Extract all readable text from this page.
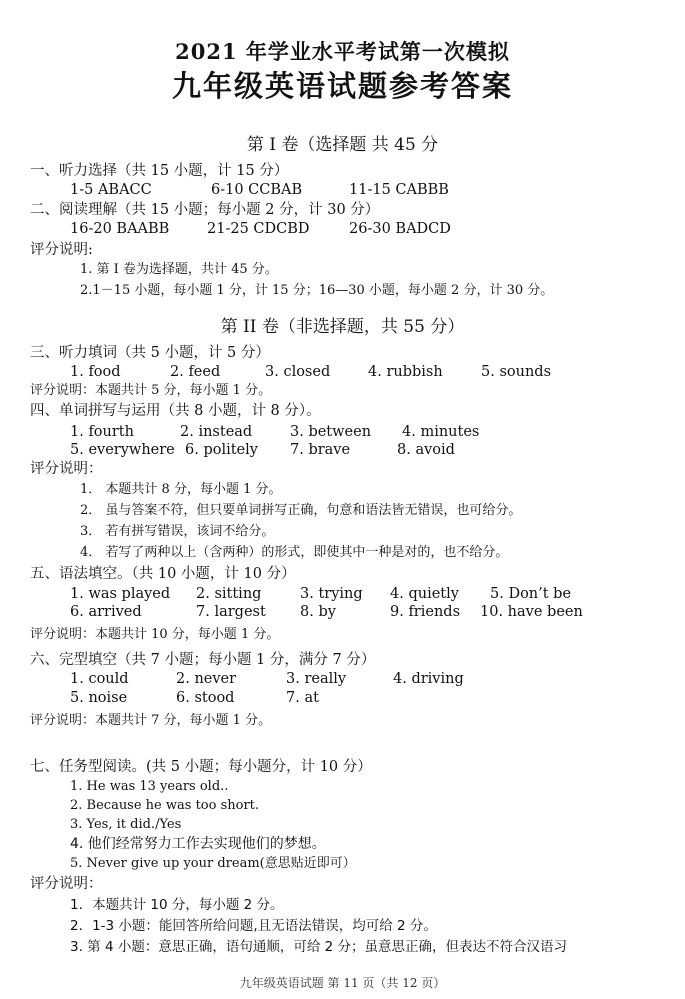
2021 年学业水平考试第一次模拟
九年级英语试题参考答案
第 I 卷（选择题 共 45 分
一、听力选择（共 15 小题，计 15 分）
1-5 ABACC	6-10 CCBAB	11-15 CABBB
二、阅读理解（共 15 小题；每小题 2 分，计 30 分）
16-20 BAABB	21-25 CDCBD	26-30 BADCD
评分说明:
1. 第 I 卷为选择题，共计 45 分。
2.1－15 小题，每小题 1 分，计 15 分；16—30 小题，每小题 2 分，计 30 分。
第 II 卷（非选择题，共 55 分）
三、听力填词（共 5 小题，计 5 分）
1. food	2. feed	3. closed	4. rubbish	5. sounds
评分说明：本题共计 5 分，每小题 1 分。
四、单词拼写与运用（共 8 小题，计 8 分）。
1. fourth	2. instead	3. between 4. minutes
5. everywhere 6. politely 7. brave	8. avoid
评分说明：
1． 本题共计 8 分，每小题 1 分。
2． 虽与答案不符，但只要单词拼写正确，句意和语法皆无错误，也可给分。
3． 若有拼写错误，该词不给分。
4． 若写了两种以上（含两种）的形式，即使其中一种是对的，也不给分。
五、语法填空。（共 10 小题，计 10 分）
1. was played 2. sitting	3. trying 4. quietly 5. Don’t be
6. arrived	7. largest 8. by	9. friends 10. have been
评分说明：本题共计 10 分，每小题 1 分。
六、完型填空（共 7 小题；每小题 1 分，满分 7 分）
1. could	2. never	3. really	4. driving
5. noise	6. stood	7. at
评分说明：本题共计 7 分，每小题 1 分。
七、任务型阅读。(共 5 小题；每小题分，计 10 分）
1. He was 13 years old..
2. Because he was too short.
3. Yes, it did./Yes
4. 他们经常努力工作去实现他们的梦想。
5. Never give up your dream(意思贴近即可）
评分说明：
1．本题共计 10 分，每小题 2 分。
2．1-3 小题：能回答所给问题,且无语法错误，均可给 2 分。
3. 第 4 小题：意思正确，语句通顺，可给 2 分；虽意思正确，但表达不符合汉语习
九年级英语试题 第 11 页（共 12 页）
